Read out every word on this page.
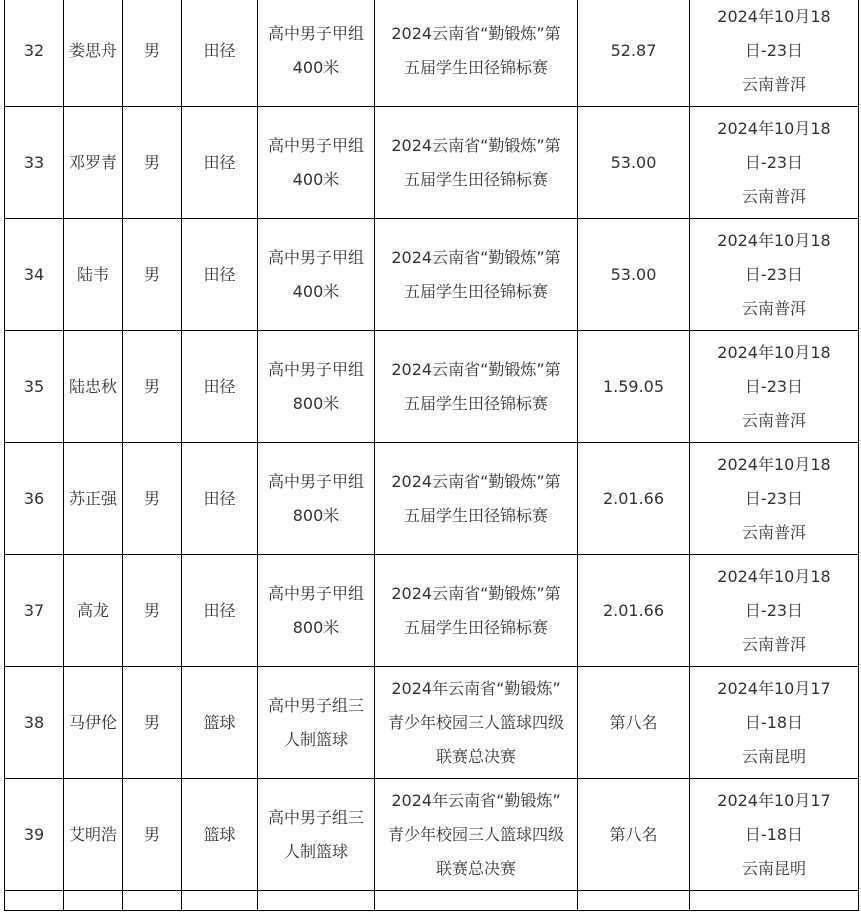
32	娄思舟	男	田径	高中男子甲组
400米	2024云南省“勤锻炼”第
五届学生田径锦标赛	52.87	2024年10月18
日-23日
云南普洱

33	邓罗青	男	田径	高中男子甲组
400米	2024云南省“勤锻炼”第
五届学生田径锦标赛	53.00	2024年10月18
日-23日
云南普洱

34	陆韦	男	田径	高中男子甲组
400米	2024云南省“勤锻炼”第
五届学生田径锦标赛	53.00	2024年10月18
日-23日
云南普洱

35	陆忠秋	男	田径	高中男子甲组
800米	2024云南省“勤锻炼”第
五届学生田径锦标赛	1.59.05	2024年10月18
日-23日
云南普洱

36	苏正强	男	田径	高中男子甲组
800米	2024云南省“勤锻炼”第
五届学生田径锦标赛	2.01.66	2024年10月18
日-23日
云南普洱

37	高龙	男	田径	高中男子甲组
800米	2024云南省“勤锻炼”第
五届学生田径锦标赛	2.01.66	2024年10月18
日-23日
云南普洱

38	马伊伦	男	篮球	高中男子组三
人制篮球	2024年云南省“勤锻炼”
青少年校园三人篮球四级
联赛总决赛	第八名	2024年10月17
日-18日
云南昆明

39	艾明浩	男	篮球	高中男子组三
人制篮球	2024年云南省“勤锻炼”
青少年校园三人篮球四级
联赛总决赛	第八名	2024年10月17
日-18日
云南昆明
